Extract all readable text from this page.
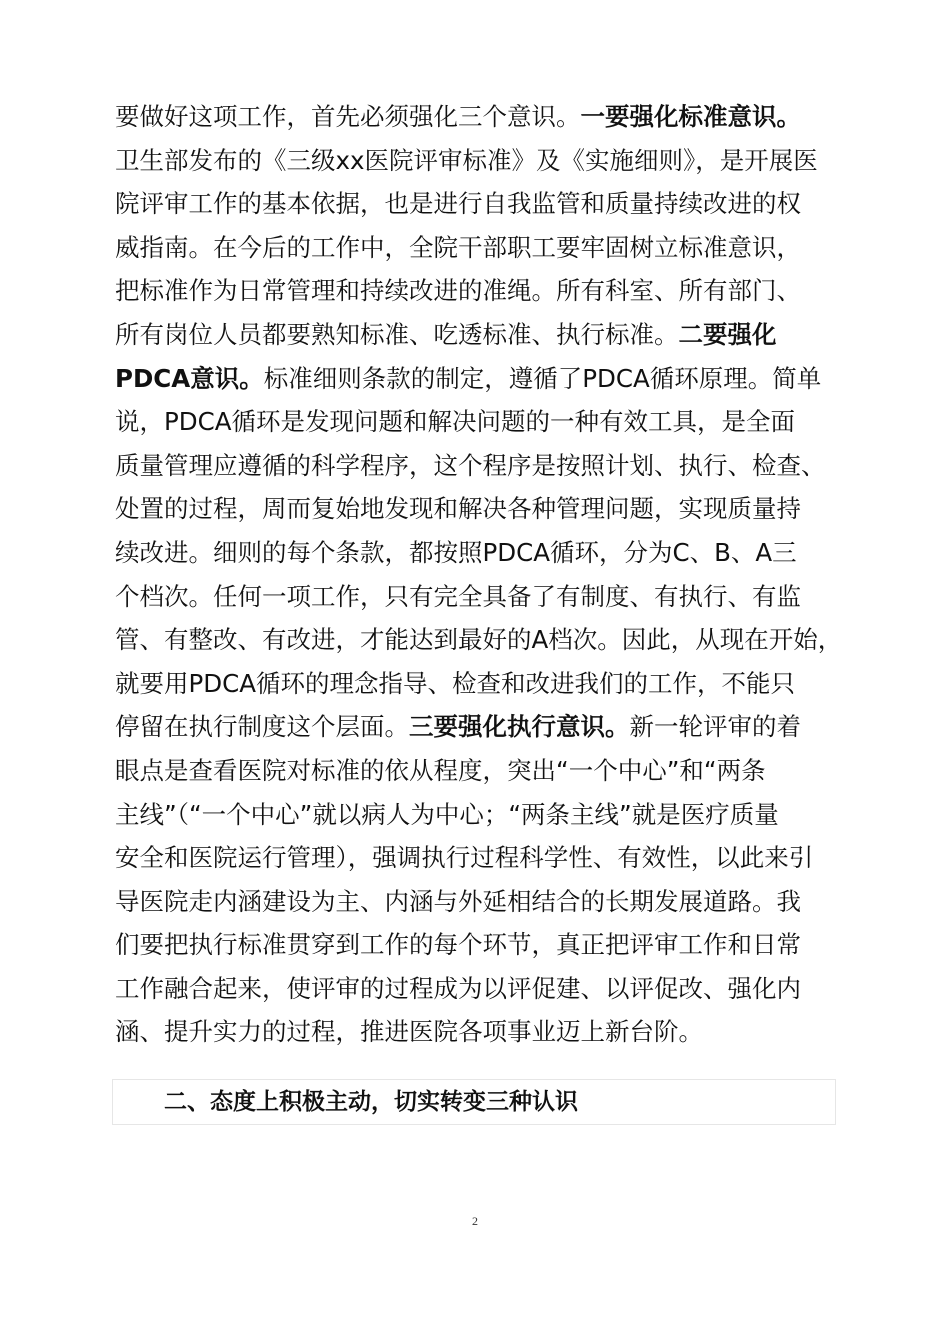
要做好这项工作，首先必须强化三个意识。一要强化标准意识。
卫生部发布的《三级xx医院评审标准》及《实施细则》，是开展医
院评审工作的基本依据，也是进行自我监管和质量持续改进的权
威指南。在今后的工作中，全院干部职工要牢固树立标准意识，
把标准作为日常管理和持续改进的准绳。所有科室、所有部门、
所有岗位人员都要熟知标准、吃透标准、执行标准。二要强化
PDCA意识。标准细则条款的制定，遵循了PDCA循环原理。简单
说，PDCA循环是发现问题和解决问题的一种有效工具，是全面
质量管理应遵循的科学程序，这个程序是按照计划、执行、检查、
处置的过程，周而复始地发现和解决各种管理问题，实现质量持
续改进。细则的每个条款，都按照PDCA循环，分为C、B、A三
个档次。任何一项工作，只有完全具备了有制度、有执行、有监
管、有整改、有改进，才能达到最好的A档次。因此，从现在开始，
就要用PDCA循环的理念指导、检查和改进我们的工作，不能只
停留在执行制度这个层面。三要强化执行意识。新一轮评审的着
眼点是查看医院对标准的依从程度，突出“一个中心”和“两条
主线”（“一个中心”就以病人为中心；“两条主线”就是医疗质量
安全和医院运行管理），强调执行过程科学性、有效性，以此来引
导医院走内涵建设为主、内涵与外延相结合的长期发展道路。我
们要把执行标准贯穿到工作的每个环节，真正把评审工作和日常
工作融合起来，使评审的过程成为以评促建、以评促改、强化内
涵、提升实力的过程，推进医院各项事业迈上新台阶。
二、态度上积极主动，切实转变三种认识
2
